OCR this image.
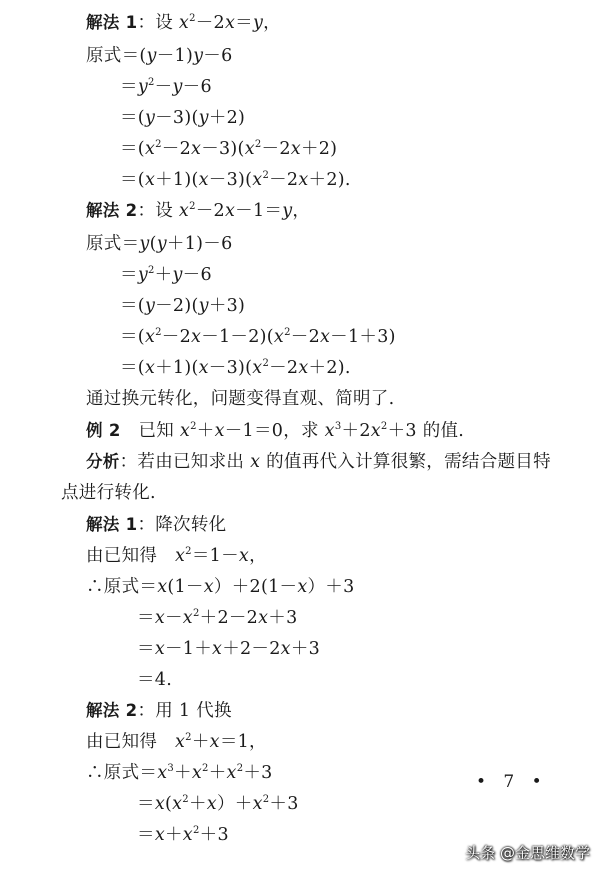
解法 1：设 $x^2-2x=y$，
原式＝(y－1)y－6
$=y^2-y-6$
＝(y－3)(y＋2)
$=(x^2-2x-3)(x^2-2x+2)$
$=(x+1)(x-3)(x^2-2x+2)$.
解法 2：设 $x^2-2x-1=y$，
原式＝y(y＋1)－6
$=y^2+y-6$
＝(y－2)(y＋3)
$=(x^2-2x-1-2)(x^2-2x-1+3)$
$=(x+1)(x-3)(x^2-2x+2)$.
通过换元转化，问题变得直观、简明了.
例 2　已知 $x^2+x-1=0$，求 $x^3+2x^2+3$ 的值.
分析：若由已知求出 x 的值再代入计算很繁，需结合题目特
点进行转化.
解法 1：降次转化
由已知得　$x^2=1-x$，
∴原式＝x(1－x）＋2(1－x）＋3
$=x-x^2+2-2x+3$
＝x－1＋x＋2－2x＋3
＝4.
解法 2：用 1 代换
由已知得　$x^2+x=1$，
∴原式$=x^3+x^2+x^2+3$
$=x(x^2+x)+x^2+3$
$=x+x^2+3$
• 7 •
头条 @金思维数学
